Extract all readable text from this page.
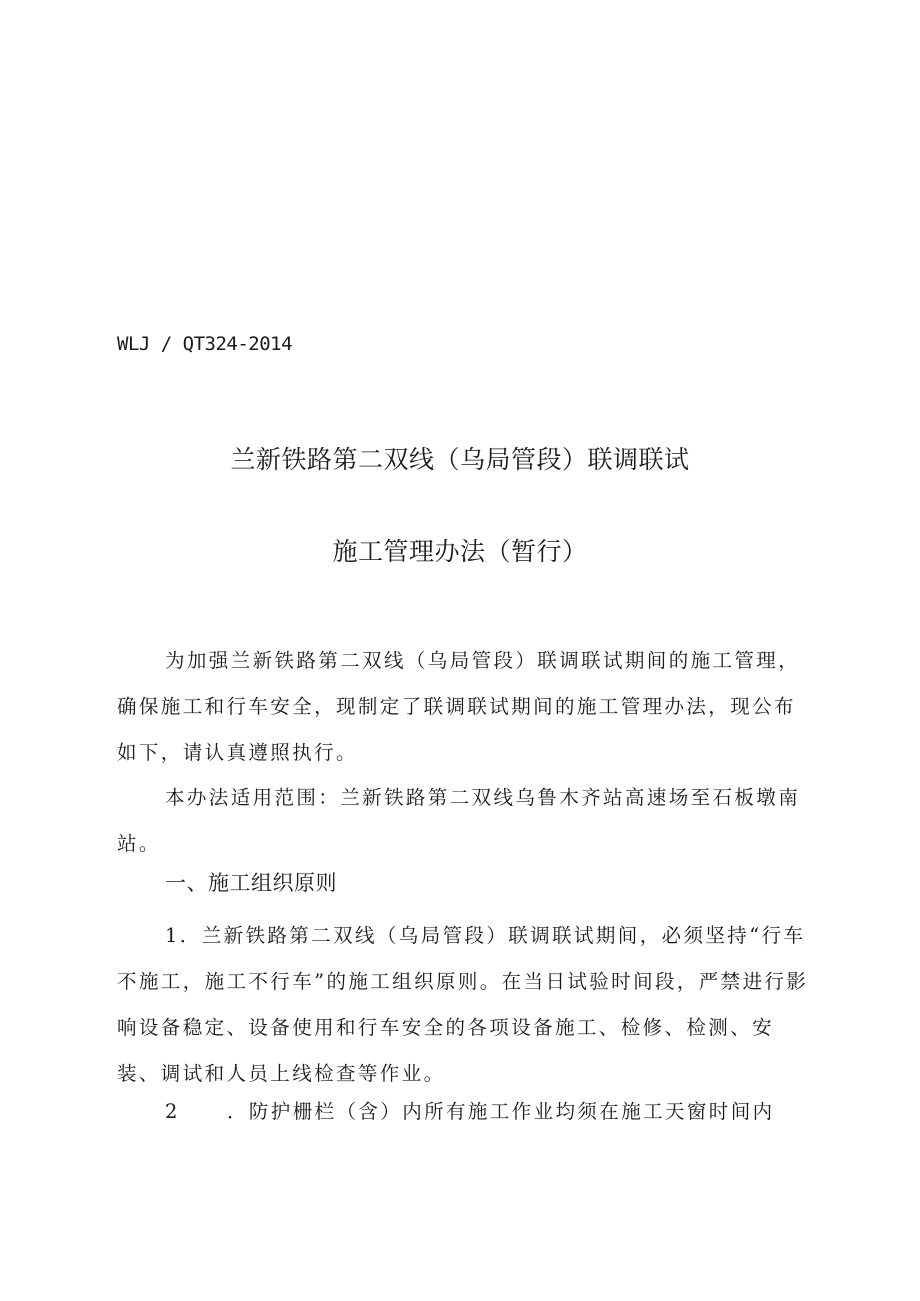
WLJ / QT324-2014
兰新铁路第二双线（乌局管段）联调联试
施工管理办法（暂行）

为加强兰新铁路第二双线（乌局管段）联调联试期间的施工管理，确保施工和行车安全，现制定了联调联试期间的施工管理办法，现公布如下，请认真遵照执行。

本办法适用范围：兰新铁路第二双线乌鲁木齐站高速场至石板墩南站。

一、施工组织原则

1．兰新铁路第二双线（乌局管段）联调联试期间，必须坚持“行车不施工，施工不行车”的施工组织原则。在当日试验时间段，严禁进行影响设备稳定、设备使用和行车安全的各项设备施工、检修、检测、安装、调试和人员上线检查等作业。

2 ．防护栅栏（含）内所有施工作业均须在施工天窗时间内
